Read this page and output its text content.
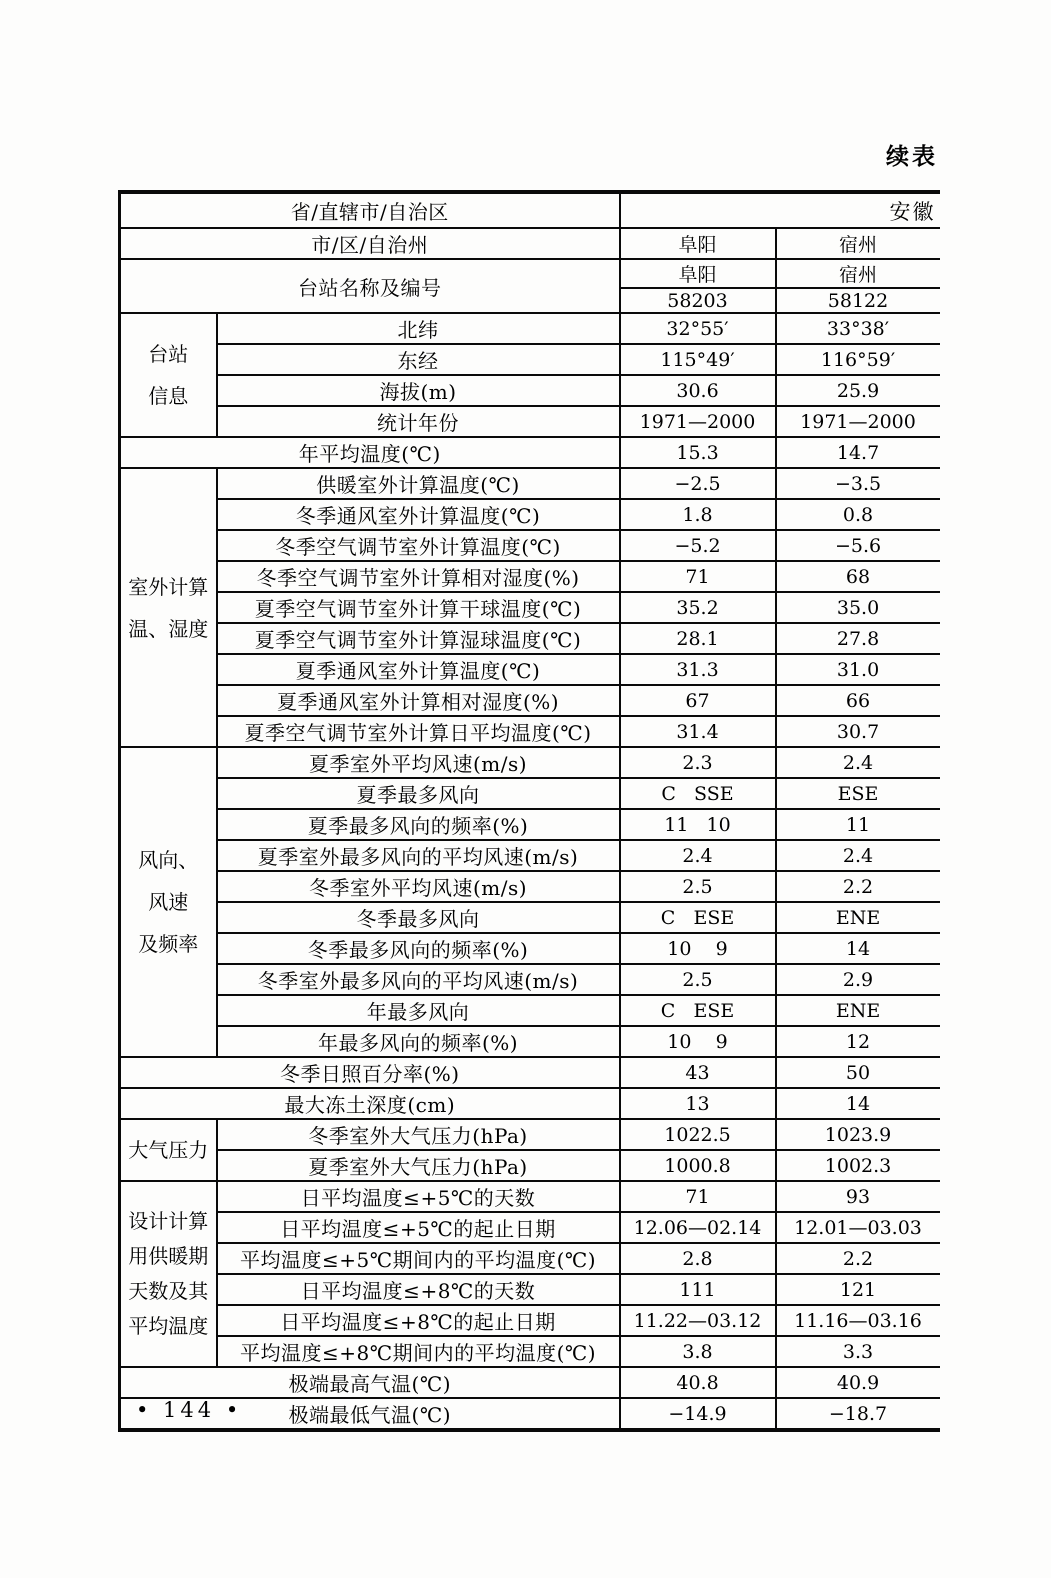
续表
省/直辖市/自治区		安徽	
市/区/自治州		阜阳	宿州
台站名称及编号		阜阳	宿州
		58203	58122

台站
信息	北纬	32°55′	33°38′
	东经	115°49′	116°59′
	海拔(m)	30.6	25.9
	统计年份	1971—2000	1971—2000
年平均温度(℃)		15.3	14.7

室外计算
温、湿度	供暖室外计算温度(℃)	−2.5	−3.5
	冬季通风室外计算温度(℃)	1.8	0.8
	冬季空气调节室外计算温度(℃)	−5.2	−5.6
	冬季空气调节室外计算相对湿度(%)	71	68
	夏季空气调节室外计算干球温度(℃)	35.2	35.0
	夏季空气调节室外计算湿球温度(℃)	28.1	27.8
	夏季通风室外计算温度(℃)	31.3	31.0
	夏季通风室外计算相对湿度(%)	67	66
	夏季空气调节室外计算日平均温度(℃)	31.4	30.7

风向、
风速
及频率	夏季室外平均风速(m/s)	2.3	2.4
	夏季最多风向	C   SSE	ESE
	夏季最多风向的频率(%)	11   10	11
	夏季室外最多风向的平均风速(m/s)	2.4	2.4
	冬季室外平均风速(m/s)	2.5	2.2
	冬季最多风向	C   ESE	ENE
	冬季最多风向的频率(%)	10    9	14
	冬季室外最多风向的平均风速(m/s)	2.5	2.9
	年最多风向	C   ESE	ENE
	年最多风向的频率(%)	10    9	12
冬季日照百分率(%)		43	50
最大冻土深度(cm)		13	14

大气压力	冬季室外大气压力(hPa)	1022.5	1023.9
	夏季室外大气压力(hPa)	1000.8	1002.3

设计计算
用供暖期
天数及其
平均温度	日平均温度≤+5℃的天数	71	93
	日平均温度≤+5℃的起止日期	12.06—02.14	12.01—03.03
	平均温度≤+5℃期间内的平均温度(℃)	2.8	2.2
	日平均温度≤+8℃的天数	111	121
	日平均温度≤+8℃的起止日期	11.22—03.12	11.16—03.16
	平均温度≤+8℃期间内的平均温度(℃)	3.8	3.3
极端最高气温(℃)		40.8	40.9
极端最低气温(℃)		−14.9	−18.7
• 144 •
